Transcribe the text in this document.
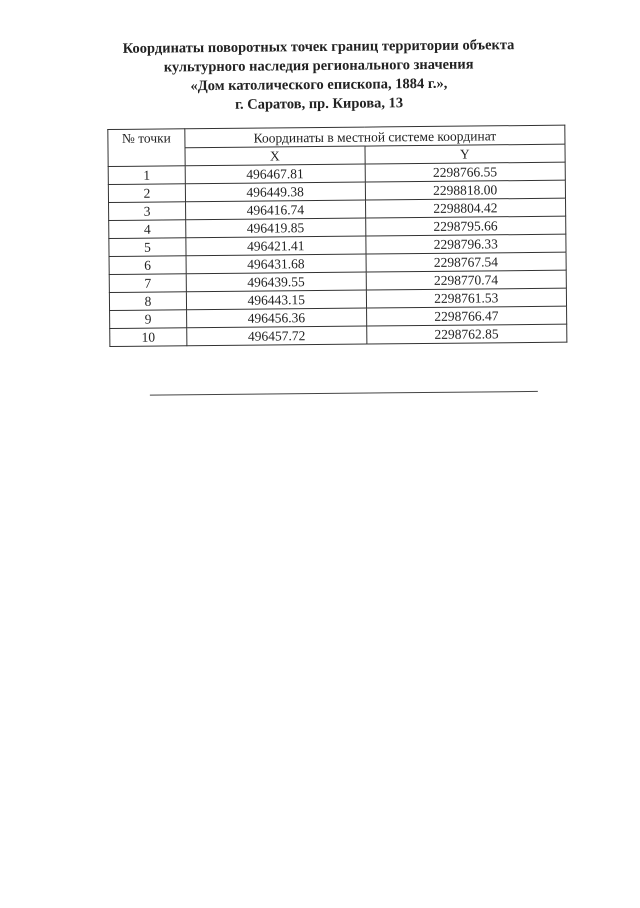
Координаты поворотных точек границ территории объекта
культурного наследия регионального значения
«Дом католического епископа, 1884 г.»,
г. Саратов, пр. Кирова, 13
№ точки	Координаты в местной системе координат	
	X	Y
1	496467.81	2298766.55
2	496449.38	2298818.00
3	496416.74	2298804.42
4	496419.85	2298795.66
5	496421.41	2298796.33
6	496431.68	2298767.54
7	496439.55	2298770.74
8	496443.15	2298761.53
9	496456.36	2298766.47
10	496457.72	2298762.85
